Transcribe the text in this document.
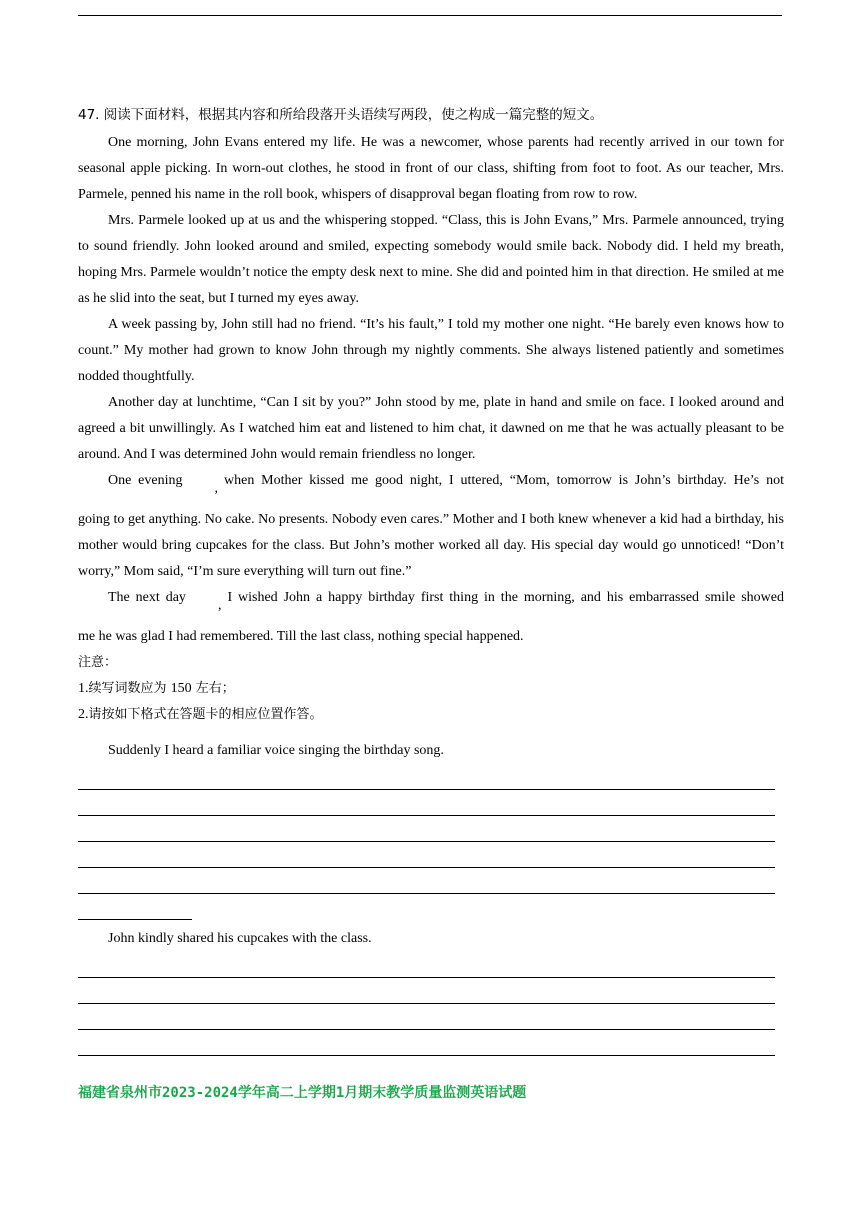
47. 阅读下面材料，根据其内容和所给段落开头语续写两段，使之构成一篇完整的短文。

One morning, John Evans entered my life. He was a newcomer, whose parents had recently arrived in our town for seasonal apple picking. In worn-out clothes, he stood in front of our class, shifting from foot to foot. As our teacher, Mrs. Parmele, penned his name in the roll book, whispers of disapproval began floating from row to row.

Mrs. Parmele looked up at us and the whispering stopped. “Class, this is John Evans,” Mrs. Parmele announced, trying to sound friendly. John looked around and smiled, expecting somebody would smile back. Nobody did. I held my breath, hoping Mrs. Parmele wouldn’t notice the empty desk next to mine. She did and pointed him in that direction. He smiled at me as he slid into the seat, but I turned my eyes away.

A week passing by, John still had no friend. “It’s his fault,” I told my mother one night. “He barely even knows how to count.” My mother had grown to know John through my nightly comments. She always listened patiently and sometimes nodded thoughtfully.

Another day at lunchtime, “Can I sit by you?” John stood by me, plate in hand and smile on face. I looked around and agreed a bit unwillingly. As I watched him eat and listened to him chat, it dawned on me that he was actually pleasant to be around. And I was determined John would remain friendless no longer.

One evening,when Mother kissed me good night, I uttered, “Mom, tomorrow is John’s birthday. He’s not

going to get anything. No cake. No presents. Nobody even cares.” Mother and I both knew whenever a kid had a birthday, his mother would bring cupcakes for the class. But John’s mother worked all day. His special day would go unnoticed! “Don’t worry,” Mom said, “I’m sure everything will turn out fine.”

The next day,I wished John a happy birthday first thing in the morning, and his embarrassed smile showed

me he was glad I had remembered. Till the last class, nothing special happened.

注意：

1.续写词数应为 150 左右；

2.请按如下格式在答题卡的相应位置作答。

Suddenly I heard a familiar voice singing the birthday song.

John kindly shared his cupcakes with the class.

福建省泉州市2023-2024学年高二上学期1月期末教学质量监测英语试题
